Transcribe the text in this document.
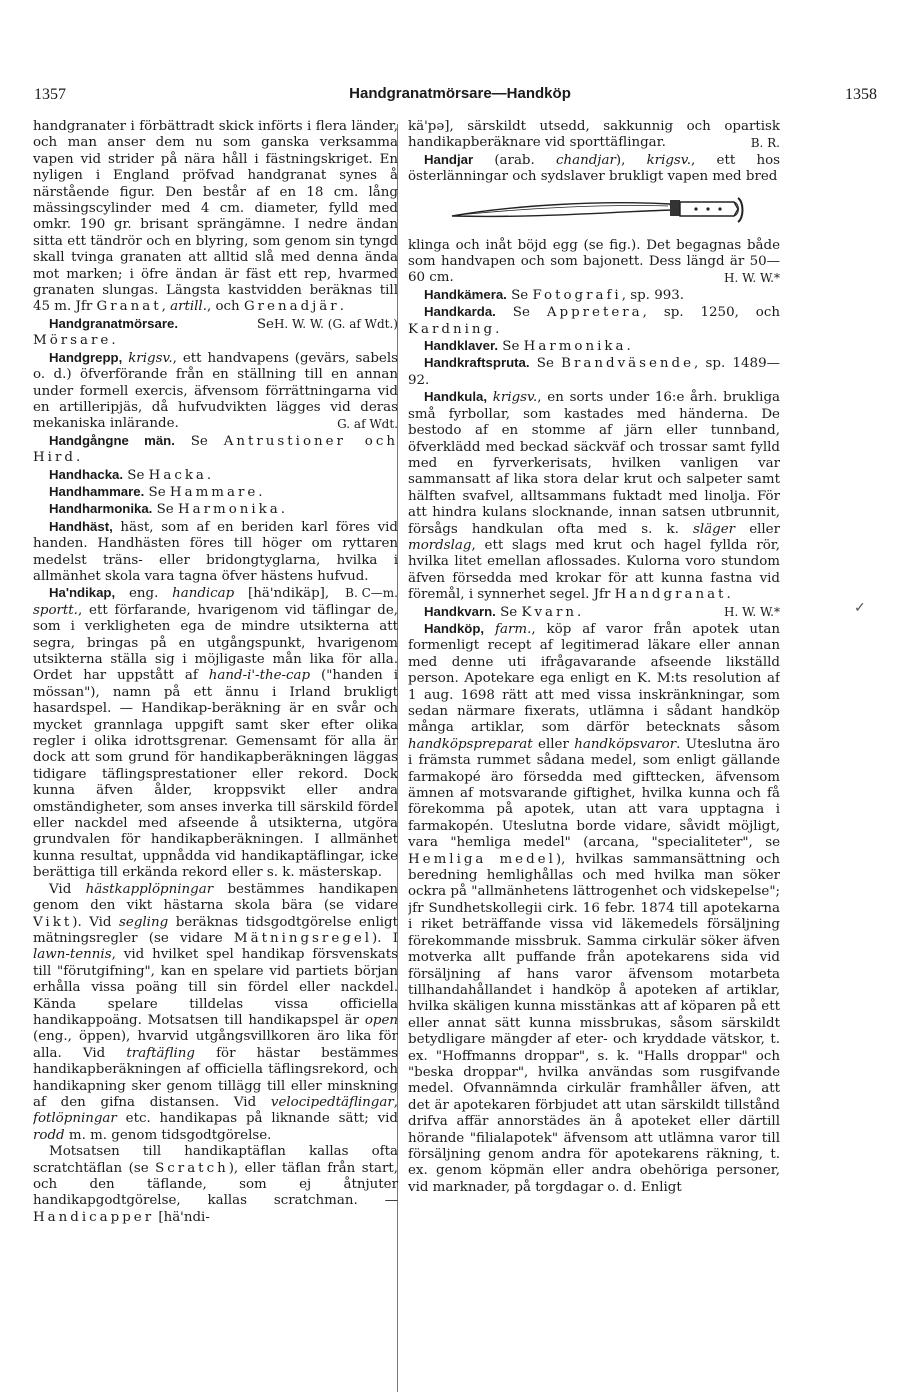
1357	Handgranatmörsare—Handköp	1358

handgranater i förbättradt skick införts i flera länder, och man anser dem nu som ganska verksamma vapen vid strider på nära håll i fästningskriget. En nyligen i England pröfvad handgranat synes å närstående figur. Den består af en 18 cm. lång mässingscylinder med 4 cm. diameter, fylld med omkr. 190 gr. brisant sprängämne. I nedre ändan sitta ett tändrör och en blyring, som genom sin tyngd skall tvinga granaten att alltid slå med denna ända mot marken; i öfre ändan är fäst ett rep, hvarmed granaten slungas. Längsta kastvidden beräknas till 45 m. Jfr Granat, artill., och Grenadjär.
H. W. W. (G. af Wdt.)

Handgranatmörsare. Se Mörsare.

Handgrepp, krigsv., ett handvapens (gevärs, sabels o. d.) öfverförande från en ställning till en annan under formell exercis, äfvensom förrättningarna vid en artilleripjäs, då hufvudvikten lägges vid deras mekaniska inlärande.	G. af Wdt.

Handgångne män. Se Antrustioner och Hird.

Handhacka. Se Hacka.

Handhammare. Se Hammare.

Handharmonika. Se Harmonika.

Handhäst, häst, som af en beriden karl föres vid handen. Handhästen föres till höger om ryttaren medelst träns- eller bridongtyglarna, hvilka i allmänhet skola vara tagna öfver hästens hufvud.
B. C—m.

Ha'ndikap, eng. handicap [hä'ndikäp], sportt., ett förfarande, hvarigenom vid täflingar de, som i verkligheten ega de mindre utsikterna att segra, bringas på en utgångspunkt, hvarigenom utsikterna ställa sig i möjligaste mån lika för alla. Ordet har uppstått af hand-i'-the-cap ("handen i mössan"), namn på ett ännu i Irland brukligt hasardspel. — Handikap-beräkning är en svår och mycket grannlaga uppgift samt sker efter olika regler i olika idrottsgrenar. Gemensamt för alla är dock att som grund för handikapberäkningen läggas tidigare täflingsprestationer eller rekord. Dock kunna äfven ålder, kroppsvikt eller andra omständigheter, som anses inverka till särskild fördel eller nackdel med afseende å utsikterna, utgöra grundvalen för handikapberäkningen. I allmänhet kunna resultat, uppnådda vid handikaptäflingar, icke berättiga till erkända rekord eller s. k. mästerskap.

Vid hästkapplöpningar bestämmes handikapen genom den vikt hästarna skola bära (se vidare Vikt). Vid segling beräknas tidsgodtgörelse enligt mätningsregler (se vidare Mätningsregel). I lawn-tennis, vid hvilket spel handikap försvenskats till "förutgifning", kan en spelare vid partiets början erhålla vissa poäng till sin fördel eller nackdel. Kända spelare tilldelas vissa officiella handikappoäng. Motsatsen till handikapspel är open (eng., öppen), hvarvid utgångsvillkoren äro lika för alla. Vid traftäfling för hästar bestämmes handikapberäkningen af officiella täflingsrekord, och handikapning sker genom tillägg till eller minskning af den gifna distansen. Vid velocipedtäflingar, fotlöpningar etc. handikapas på liknande sätt; vid rodd m. m. genom tidsgodtgörelse.

Motsatsen till handikaptäflan kallas ofta scratchtäflan (se Scratch), eller täflan från start, och den täflande, som ej åtnjuter handikapgodtgörelse, kallas scratchman. — Handicapper [hä'ndi-

kä'pə], särskildt utsedd, sakkunnig och opartisk handikapberäknare vid sporttäflingar.	B. R.

Handjar (arab. chandjar), krigsv., ett hos österlänningar och sydslaver brukligt vapen med bred

klinga och inåt böjd egg (se fig.). Det begagnas både som handvapen och som bajonett. Dess längd är 50—60 cm.	H. W. W.*

Handkämera. Se Fotografi, sp. 993.

Handkarda. Se Appretera, sp. 1250, och Kardning.

Handklaver. Se Harmonika.

Handkraftspruta. Se Brandväsende, sp. 1489—92.

Handkula, krigsv., en sorts under 16:e årh. brukliga små fyrbollar, som kastades med händerna. De bestodo af en stomme af järn eller tunnband, öfverklädd med beckad säckväf och trossar samt fylld med en fyrverkerisats, hvilken vanligen var sammansatt af lika stora delar krut och salpeter samt hälften svafvel, alltsammans fuktadt med linolja. För att hindra kulans slocknande, innan satsen utbrunnit, försågs handkulan ofta med s. k. släger eller mordslag, ett slags med krut och hagel fyllda rör, hvilka litet emellan aflossades. Kulorna voro stundom äfven försedda med krokar för att kunna fastna vid föremål, i synnerhet segel. Jfr Handgranat.
H. W. W.*

Handkvarn. Se Kvarn.

Handköp, farm., köp af varor från apotek utan formenligt recept af legitimerad läkare eller annan med denne uti ifrågavarande afseende likställd person. Apotekare ega enligt en K. M:ts resolution af 1 aug. 1698 rätt att med vissa inskränkningar, som sedan närmare fixerats, utlämna i sådant handköp många artiklar, som därför betecknats såsom handköpspreparat eller handköpsvaror. Uteslutna äro i främsta rummet sådana medel, som enligt gällande farmakopé äro försedda med gifttecken, äfvensom ämnen af motsvarande giftighet, hvilka kunna och få förekomma på apotek, utan att vara upptagna i farmakopén. Uteslutna borde vidare, såvidt möjligt, vara "hemliga medel" (arcana, "specialiteter", se Hemliga medel), hvilkas sammansättning och beredning hemlighållas och med hvilka man söker ockra på "allmänhetens lättrogenhet och vidskepelse"; jfr Sundhetskollegii cirk. 16 febr. 1874 till apotekarna i riket beträffande vissa vid läkemedels försäljning förekommande missbruk. Samma cirkulär söker äfven motverka allt puffande från apotekarens sida vid försäljning af hans varor äfvensom motarbeta tillhandahållandet i handköp å apoteken af artiklar, hvilka skäligen kunna misstänkas att af köparen på ett eller annat sätt kunna missbrukas, såsom särskildt betydligare mängder af eter- och kryddade vätskor, t. ex. "Hoffmanns droppar", s. k. "Halls droppar" och "beska droppar", hvilka användas som rusgifvande medel. Ofvannämnda cirkulär framhåller äfven, att det är apotekaren förbjudet att utan särskildt tillstånd drifva affär annorstädes än å apoteket eller därtill hörande "filialapotek" äfvensom att utlämna varor till försäljning genom andra för apotekarens räkning, t. ex. genom köpmän eller andra obehöriga personer, vid marknader, på torgdagar o. d. Enligt

✓
